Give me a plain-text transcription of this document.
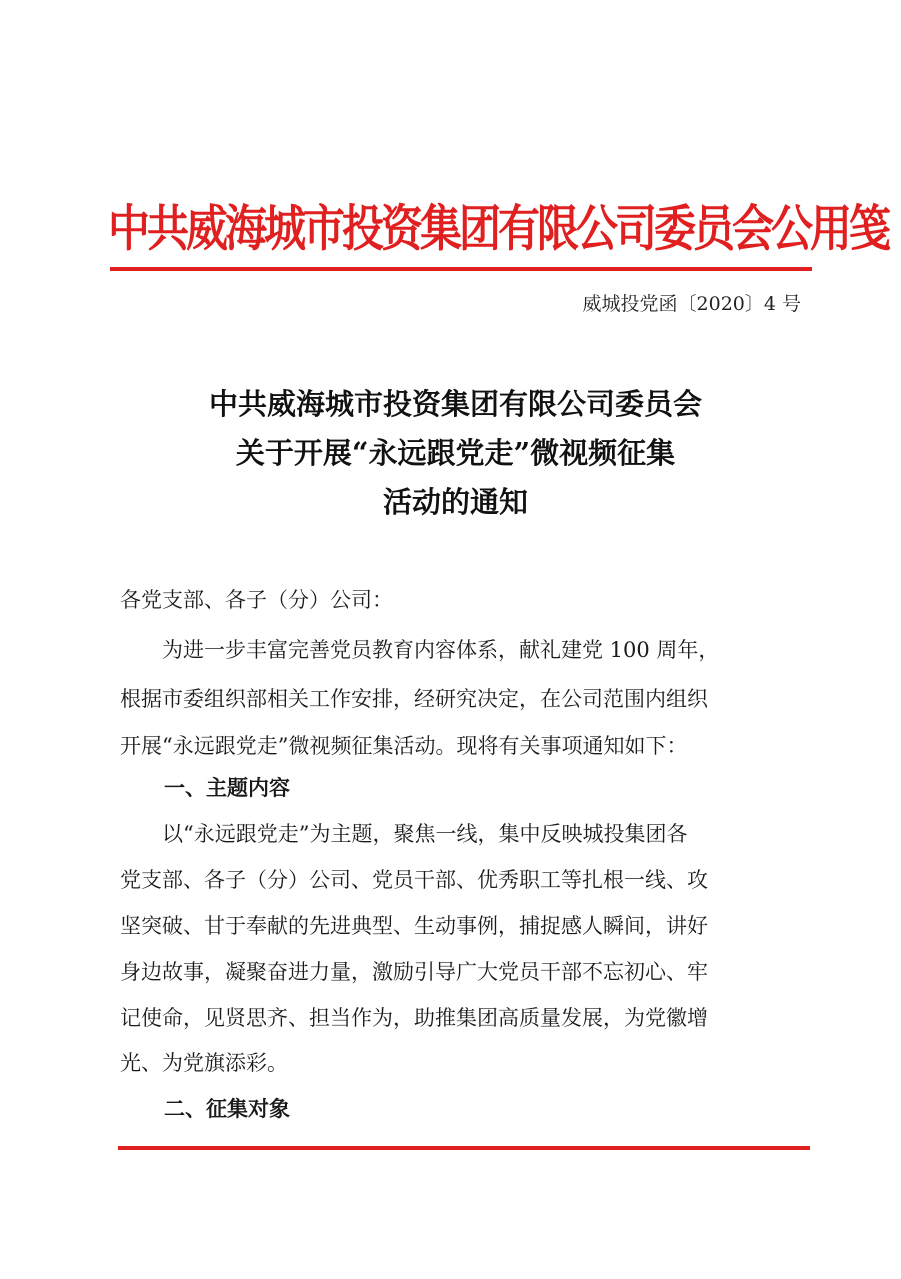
中共威海城市投资集团有限公司委员会公用笺
威城投党函〔2020〕4 号
中共威海城市投资集团有限公司委员会
关于开展“永远跟党走”微视频征集
活动的通知
各党支部、各子（分）公司：
为进一步丰富完善党员教育内容体系，献礼建党 100 周年，
根据市委组织部相关工作安排，经研究决定，在公司范围内组织
开展“永远跟党走”微视频征集活动。现将有关事项通知如下：
一、主题内容
以“永远跟党走”为主题，聚焦一线，集中反映城投集团各
党支部、各子（分）公司、党员干部、优秀职工等扎根一线、攻
坚突破、甘于奉献的先进典型、生动事例，捕捉感人瞬间，讲好
身边故事，凝聚奋进力量，激励引导广大党员干部不忘初心、牢
记使命，见贤思齐、担当作为，助推集团高质量发展，为党徽增
光、为党旗添彩。
二、征集对象
